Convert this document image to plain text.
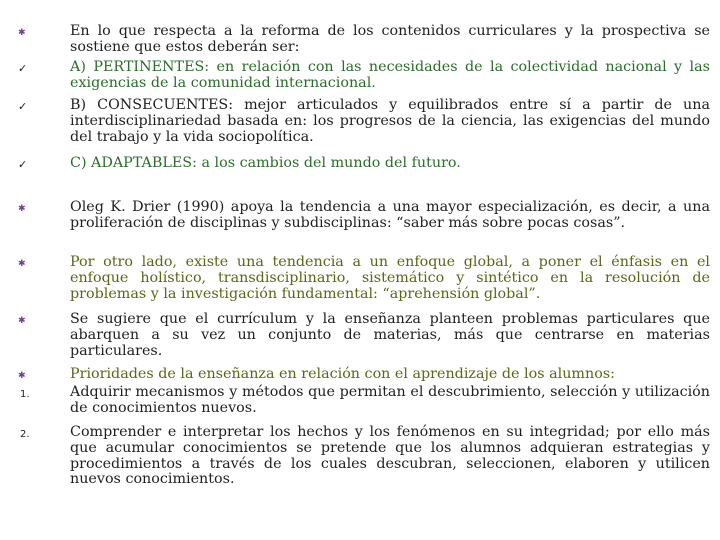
✱	En lo que respecta a la reforma de los contenidos curriculares y la prospectiva se sostiene que estos deberán ser:
✓	A) PERTINENTES: en relación con las necesidades de la colectividad nacional y las exigencias de la comunidad internacional.
✓	B) CONSECUENTES: mejor articulados y equilibrados entre sí a partir de una interdisciplinariedad basada en: los progresos de la ciencia, las exigencias del mundo del trabajo y la vida sociopolítica.
✓	C) ADAPTABLES: a los cambios del mundo del futuro.
✱	Oleg K. Drier (1990) apoya la tendencia a una mayor especialización, es decir, a una proliferación de disciplinas y subdisciplinas: “saber más sobre pocas cosas”.
✱	Por otro lado, existe una tendencia a un enfoque global, a poner el énfasis en el enfoque holístico, transdisciplinario, sistemático y sintético en la resolución de problemas y la investigación fundamental: “aprehensión global”.
✱	Se sugiere que el currículum y la enseñanza planteen problemas particulares que abarquen a su vez un conjunto de materias, más que centrarse en materias particulares.
✱	Prioridades de la enseñanza en relación con el aprendizaje de los alumnos:
1.	Adquirir mecanismos y métodos que permitan el descubrimiento, selección y utilización de conocimientos nuevos.
2.	Comprender e interpretar los hechos y los fenómenos en su integridad; por ello más que acumular conocimientos se pretende que los alumnos adquieran estrategias y procedimientos a través de los cuales descubran, seleccionen, elaboren y utilicen nuevos conocimientos.
